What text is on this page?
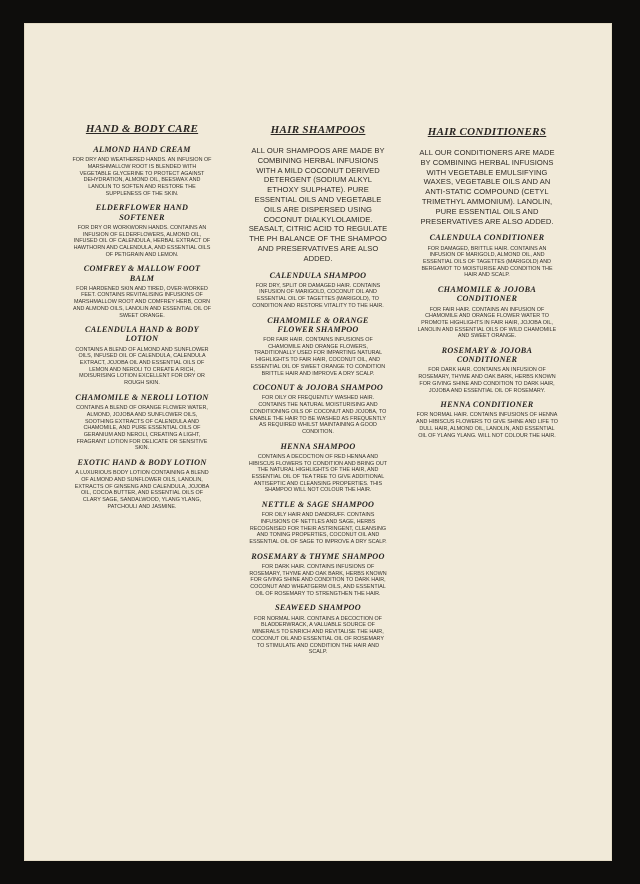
HAND & BODY CARE
ALMOND HAND CREAM

FOR DRY AND WEATHERED HANDS. AN INFUSION OF MARSHMALLOW ROOT IS BLENDED WITH VEGETABLE GLYCERINE TO PROTECT AGAINST DEHYDRATION, ALMOND OIL, BEESWAX AND LANOLIN TO SOFTEN AND RESTORE THE SUPPLENESS OF THE SKIN.

ELDERFLOWER HAND SOFTENER

FOR DRY OR WORKWORN HANDS. CONTAINS AN INFUSION OF ELDERFLOWERS, ALMOND OIL, INFUSED OIL OF CALENDULA, HERBAL EXTRACT OF HAWTHORN AND CALENDULA, AND ESSENTIAL OILS OF PETIGRAIN AND LEMON.

COMFREY & MALLOW FOOT BALM

FOR HARDENED SKIN AND TIRED, OVER-WORKED FEET. CONTAINS REVITALISING INFUSIONS OF MARSHMALLOW ROOT AND COMFREY HERB, CORN AND ALMOND OILS, LANOLIN AND ESSENTIAL OIL OF SWEET ORANGE.

CALENDULA HAND & BODY LOTION

CONTAINS A BLEND OF ALMOND AND SUNFLOWER OILS, INFUSED OIL OF CALENDULA, CALENDULA EXTRACT, JOJOBA OIL AND ESSENTIAL OILS OF LEMON AND NEROLI TO CREATE A RICH, MOISURISING LOTION EXCELLENT FOR DRY OR ROUGH SKIN.

CHAMOMILE & NEROLI LOTION

CONTAINS A BLEND OF ORANGE FLOWER WATER, ALMOND, JOJOBA AND SUNFLOWER OILS, SOOTHING EXTRACTS OF CALENDULA AND CHAMOMILE, AND PURE ESSENTIAL OILS OF GERANIUM AND NEROLI, CREATING A LIGHT, FRAGRANT LOTION FOR DELICATE OR SENSITIVE SKIN.

EXOTIC HAND & BODY LOTION

A LUXURIOUS BODY LOTION CONTAINING A BLEND OF ALMOND AND SUNFLOWER OILS, LANOLIN, EXTRACTS OF GINSENG AND CALENDULA, JOJOBA OIL, COCOA BUTTER, AND ESSENTIAL OILS OF CLARY SAGE, SANDALWOOD, YLANG YLANG, PATCHOULI AND JASMINE.

HAIR SHAMPOOS

ALL OUR SHAMPOOS ARE MADE BY COMBINING HERBAL INFUSIONS WITH A MILD COCONUT DERIVED DETERGENT (SODIUM ALKYL ETHOXY SULPHATE). PURE ESSENTIAL OILS AND VEGETABLE OILS ARE DISPERSED USING COCONUT DIALKYLOLAMIDE. SEASALT, CITRIC ACID TO REGULATE THE PH BALANCE OF THE SHAMPOO AND PRESERVATIVES ARE ALSO ADDED.

CALENDULA SHAMPOO

FOR DRY, SPLIT OR DAMAGED HAIR. CONTAINS INFUSION OF MARIGOLD, COCONUT OIL AND ESSENTIAL OIL OF TAGETTES (MARIGOLD), TO CONDITION AND RESTORE VITALITY TO THE HAIR.

CHAMOMILE & ORANGE FLOWER SHAMPOO

FOR FAIR HAIR. CONTAINS INFUSIONS OF CHAMOMILE AND ORANGE FLOWERS, TRADITIONALLY USED FOR IMPARTING NATURAL HIGHLIGHTS TO FAIR HAIR, COCONUT OIL, AND ESSENTIAL OIL OF SWEET ORANGE TO CONDITION BRITTLE HAIR AND IMPROVE A DRY SCALP.

COCONUT & JOJOBA SHAMPOO

FOR OILY OR FREQUENTLY WASHED HAIR. CONTAINS THE NATURAL MOISTURISING AND CONDITIONING OILS OF COCONUT AND JOJOBA, TO ENABLE THE HAIR TO BE WASHED AS FREQUENTLY AS REQUIRED WHILST MAINTAINING A GOOD CONDITION.

HENNA SHAMPOO

CONTAINS A DECOCTION OF RED HENNA AND HIBISCUS FLOWERS TO CONDITION AND BRING OUT THE NATURAL HIGHLIGHTS OF THE HAIR, AND ESSENTIAL OIL OF TEA TREE TO GIVE ADDITIONAL ANTISEPTIC AND CLEANSING PROPERTIES. THIS SHAMPOO WILL NOT COLOUR THE HAIR.

NETTLE & SAGE SHAMPOO

FOR OILY HAIR AND DANDRUFF. CONTAINS INFUSIONS OF NETTLES AND SAGE, HERBS RECOGNISED FOR THEIR ASTRINGENT, CLEANSING AND TONING PROPERTIES, COCONUT OIL AND ESSENTIAL OIL OF SAGE TO IMPROVE A DRY SCALP.

ROSEMARY & THYME SHAMPOO

FOR DARK HAIR. CONTAINS INFUSIONS OF ROSEMARY, THYME AND OAK BARK, HERBS KNOWN FOR GIVING SHINE AND CONDITION TO DARK HAIR, COCONUT AND WHEATGERM OILS, AND ESSENTIAL OIL OF ROSEMARY TO STRENGTHEN THE HAIR.

SEAWEED SHAMPOO

FOR NORMAL HAIR. CONTAINS A DECOCTION OF BLADDERWRACK, A VALUABLE SOURCE OF MINERALS TO ENRICH AND REVITALISE THE HAIR, COCONUT OIL AND ESSENTIAL OIL OF ROSEMARY TO STIMULATE AND CONDITION THE HAIR AND SCALP.

HAIR CONDITIONERS

ALL OUR CONDITIONERS ARE MADE BY COMBINING HERBAL INFUSIONS WITH VEGETABLE EMULSIFYING WAXES, VEGETABLE OILS AND AN ANTI-STATIC COMPOUND (CETYL TRIMETHYL AMMONIUM). LANOLIN, PURE ESSENTIAL OILS AND PRESERVATIVES ARE ALSO ADDED.

CALENDULA CONDITIONER

FOR DAMAGED, BRITTLE HAIR. CONTAINS AN INFUSION OF MARIGOLD, ALMOND OIL, AND ESSENTIAL OILS OF TAGETTES (MARIGOLD) AND BERGAMOT TO MOISTURISE AND CONDITION THE HAIR AND SCALP.

CHAMOMILE & JOJOBA CONDITIONER

FOR FAIR HAIR. CONTAINS AN INFUSION OF CHAMOMILE AND ORANGE FLOWER WATER TO PROMOTE HIGHLIGHTS IN FAIR HAIR, JOJOBA OIL, LANOLIN AND ESSENTIAL OILS OF WILD CHAMOMILE AND SWEET ORANGE.

ROSEMARY & JOJOBA CONDITIONER

FOR DARK HAIR. CONTAINS AN INFUSION OF ROSEMARY, THYME AND OAK BARK, HERBS KNOWN FOR GIVING SHINE AND CONDITION TO DARK HAIR, JOJOBA AND ESSENTIAL OIL OF ROSEMARY.

HENNA CONDITIONER

FOR NORMAL HAIR. CONTAINS INFUSIONS OF HENNA AND HIBISCUS FLOWERS TO GIVE SHINE AND LIFE TO DULL HAIR, ALMOND OIL, LANOLIN, AND ESSENTIAL OIL OF YLANG YLANG. WILL NOT COLOUR THE HAIR.
